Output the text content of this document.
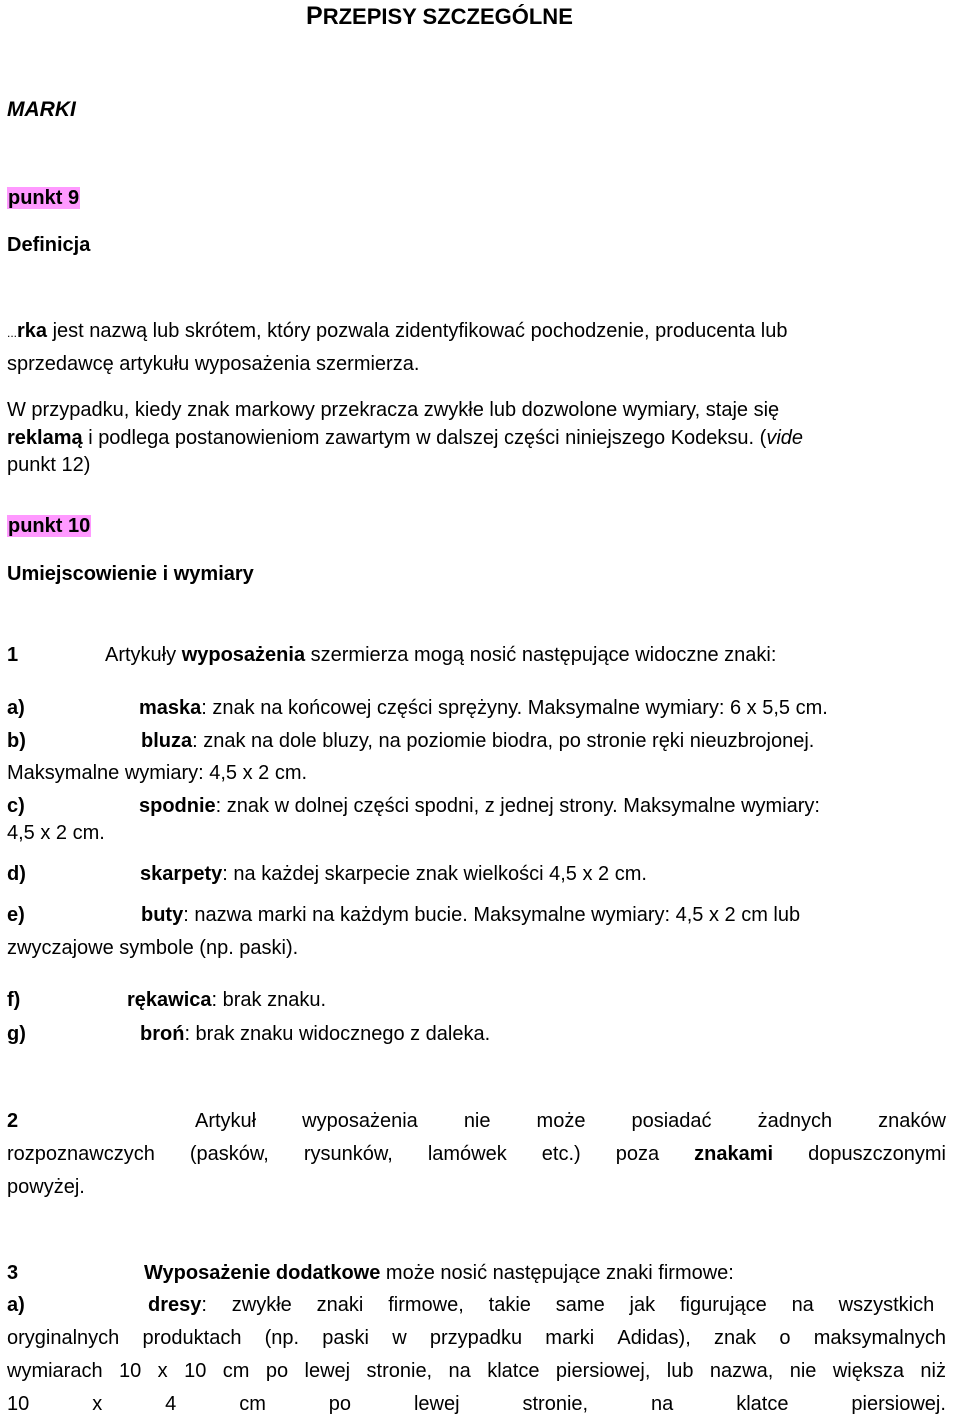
PRZEPISY SZCZEGÓLNE
MARKI
punkt 9
Definicja
...rka jest nazwą lub skrótem, który pozwala zidentyfikować pochodzenie, producenta lub
sprzedawcę artykułu wyposażenia szermierza.
W przypadku, kiedy znak markowy przekracza zwykłe lub dozwolone wymiary, staje się
reklamą i podlega postanowieniom zawartym w dalszej części niniejszego Kodeksu. (vide
punkt 12)
punkt 10
Umiejscowienie i wymiary
1	Artykuły wyposażenia szermierza mogą nosić następujące widoczne znaki:
a)	maska: znak na końcowej części sprężyny. Maksymalne wymiary: 6 x 5,5 cm.
b)	bluza: znak na dole bluzy, na poziomie biodra, po stronie ręki nieuzbrojonej.
Maksymalne wymiary: 4,5 x 2 cm.
c)	spodnie: znak w dolnej części spodni, z jednej strony. Maksymalne wymiary:
4,5 x 2 cm.
d)	skarpety: na każdej skarpecie znak wielkości 4,5 x 2 cm.
e)	buty: nazwa marki na każdym bucie. Maksymalne wymiary: 4,5 x 2 cm lub
zwyczajowe symbole (np. paski).
f)	rękawica: brak znaku.
g)	broń: brak znaku widocznego z daleka.
2	Artykuł wyposażenia nie może posiadać żadnych znaków
rozpoznawczych (pasków, rysunków, lamówek etc.) poza znakami dopuszczonymi
powyżej.
3	Wyposażenie dodatkowe może nosić następujące znaki firmowe:
a)	dresy : zwykłe znaki firmowe, takie same jak figurujące na wszystkich
oryginalnych produktach (np. paski w przypadku marki Adidas), znak o maksymalnych
wymiarach 10 x 10 cm po lewej stronie, na klatce piersiowej, lub nazwa, nie większa niż
10	x	4	cm	po	lewej	stronie,	na	klatce	piersiowej.
